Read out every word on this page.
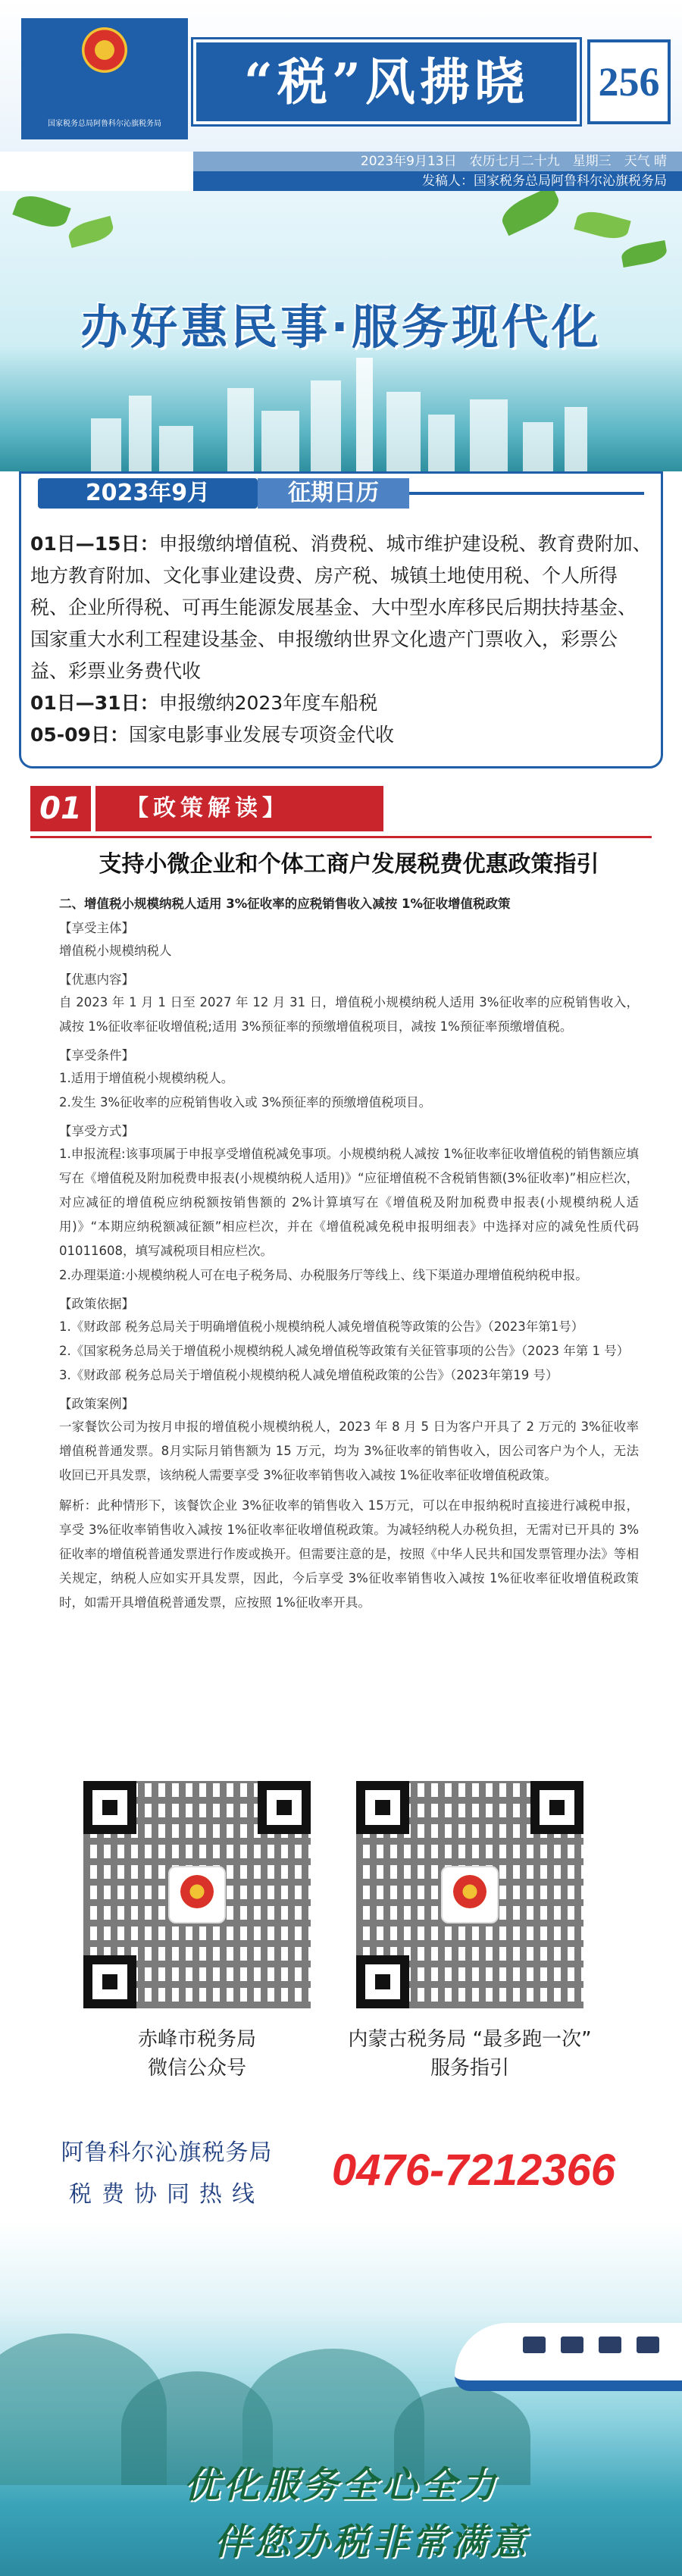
国家税务总局阿鲁科尔沁旗税务局
“税”风拂晓	256
2023年9月13日　农历七月二十九　星期三　天气 晴
发稿人：国家税务总局阿鲁科尔沁旗税务局
办好惠民事·服务现代化
2023年9月	征期日历
01日—15日：申报缴纳增值税、消费税、城市维护建设税、教育费附加、地方教育附加、文化事业建设费、房产税、城镇土地使用税、个人所得税、企业所得税、可再生能源发展基金、大中型水库移民后期扶持基金、国家重大水利工程建设基金、申报缴纳世界文化遗产门票收入，彩票公益、彩票业务费代收
01日—31日：申报缴纳2023年度车船税
05-09日：国家电影事业发展专项资金代收
01	【政策解读】
支持小微企业和个体工商户发展税费优惠政策指引
二、增值税小规模纳税人适用 3%征收率的应税销售收入减按 1%征收增值税政策
【享受主体】
增值税小规模纳税人
【优惠内容】
自 2023 年 1 月 1 日至 2027 年 12 月 31 日，增值税小规模纳税人适用 3%征收率的应税销售收入，减按 1%征收率征收增值税;适用 3%预征率的预缴增值税项目，减按 1%预征率预缴增值税。
【享受条件】
1.适用于增值税小规模纳税人。
2.发生 3%征收率的应税销售收入或 3%预征率的预缴增值税项目。
【享受方式】
1.申报流程:该事项属于申报享受增值税减免事项。小规模纳税人减按 1%征收率征收增值税的销售额应填写在《增值税及附加税费申报表(小规模纳税人适用)》“应征增值税不含税销售额(3%征收率)”相应栏次，对应减征的增值税应纳税额按销售额的 2%计算填写在《增值税及附加税费申报表(小规模纳税人适用)》“本期应纳税额减征额”相应栏次，并在《增值税减免税申报明细表》中选择对应的减免性质代码 01011608，填写减税项目相应栏次。
2.办理渠道:小规模纳税人可在电子税务局、办税服务厅等线上、线下渠道办理增值税纳税申报。
【政策依据】
1.《财政部 税务总局关于明确增值税小规模纳税人减免增值税等政策的公告》（2023年第1号）
2.《国家税务总局关于增值税小规模纳税人减免增值税等政策有关征管事项的公告》（2023 年第 1 号）
3.《财政部 税务总局关于增值税小规模纳税人减免增值税政策的公告》（2023年第19 号）
【政策案例】
一家餐饮公司为按月申报的增值税小规模纳税人，2023 年 8 月 5 日为客户开具了 2 万元的 3%征收率增值税普通发票。8月实际月销售额为 15 万元，均为 3%征收率的销售收入，因公司客户为个人，无法收回已开具发票，该纳税人需要享受 3%征收率销售收入减按 1%征收率征收增值税政策。
解析：此种情形下，该餐饮企业 3%征收率的销售收入 15万元，可以在申报纳税时直接进行减税申报，享受 3%征收率销售收入减按 1%征收率征收增值税政策。为减轻纳税人办税负担，无需对已开具的 3%征收率的增值税普通发票进行作废或换开。但需要注意的是，按照《中华人民共和国发票管理办法》等相关规定，纳税人应如实开具发票，因此，今后享受 3%征收率销售收入减按 1%征收率征收增值税政策时，如需开具增值税普通发票，应按照 1%征收率开具。
赤峰市税务局
微信公众号
内蒙古税务局 “最多跑一次”
服务指引
阿鲁科尔沁旗税务局
税费协同热线	0476-7212366
优化服务全心全力
伴您办税非常满意
